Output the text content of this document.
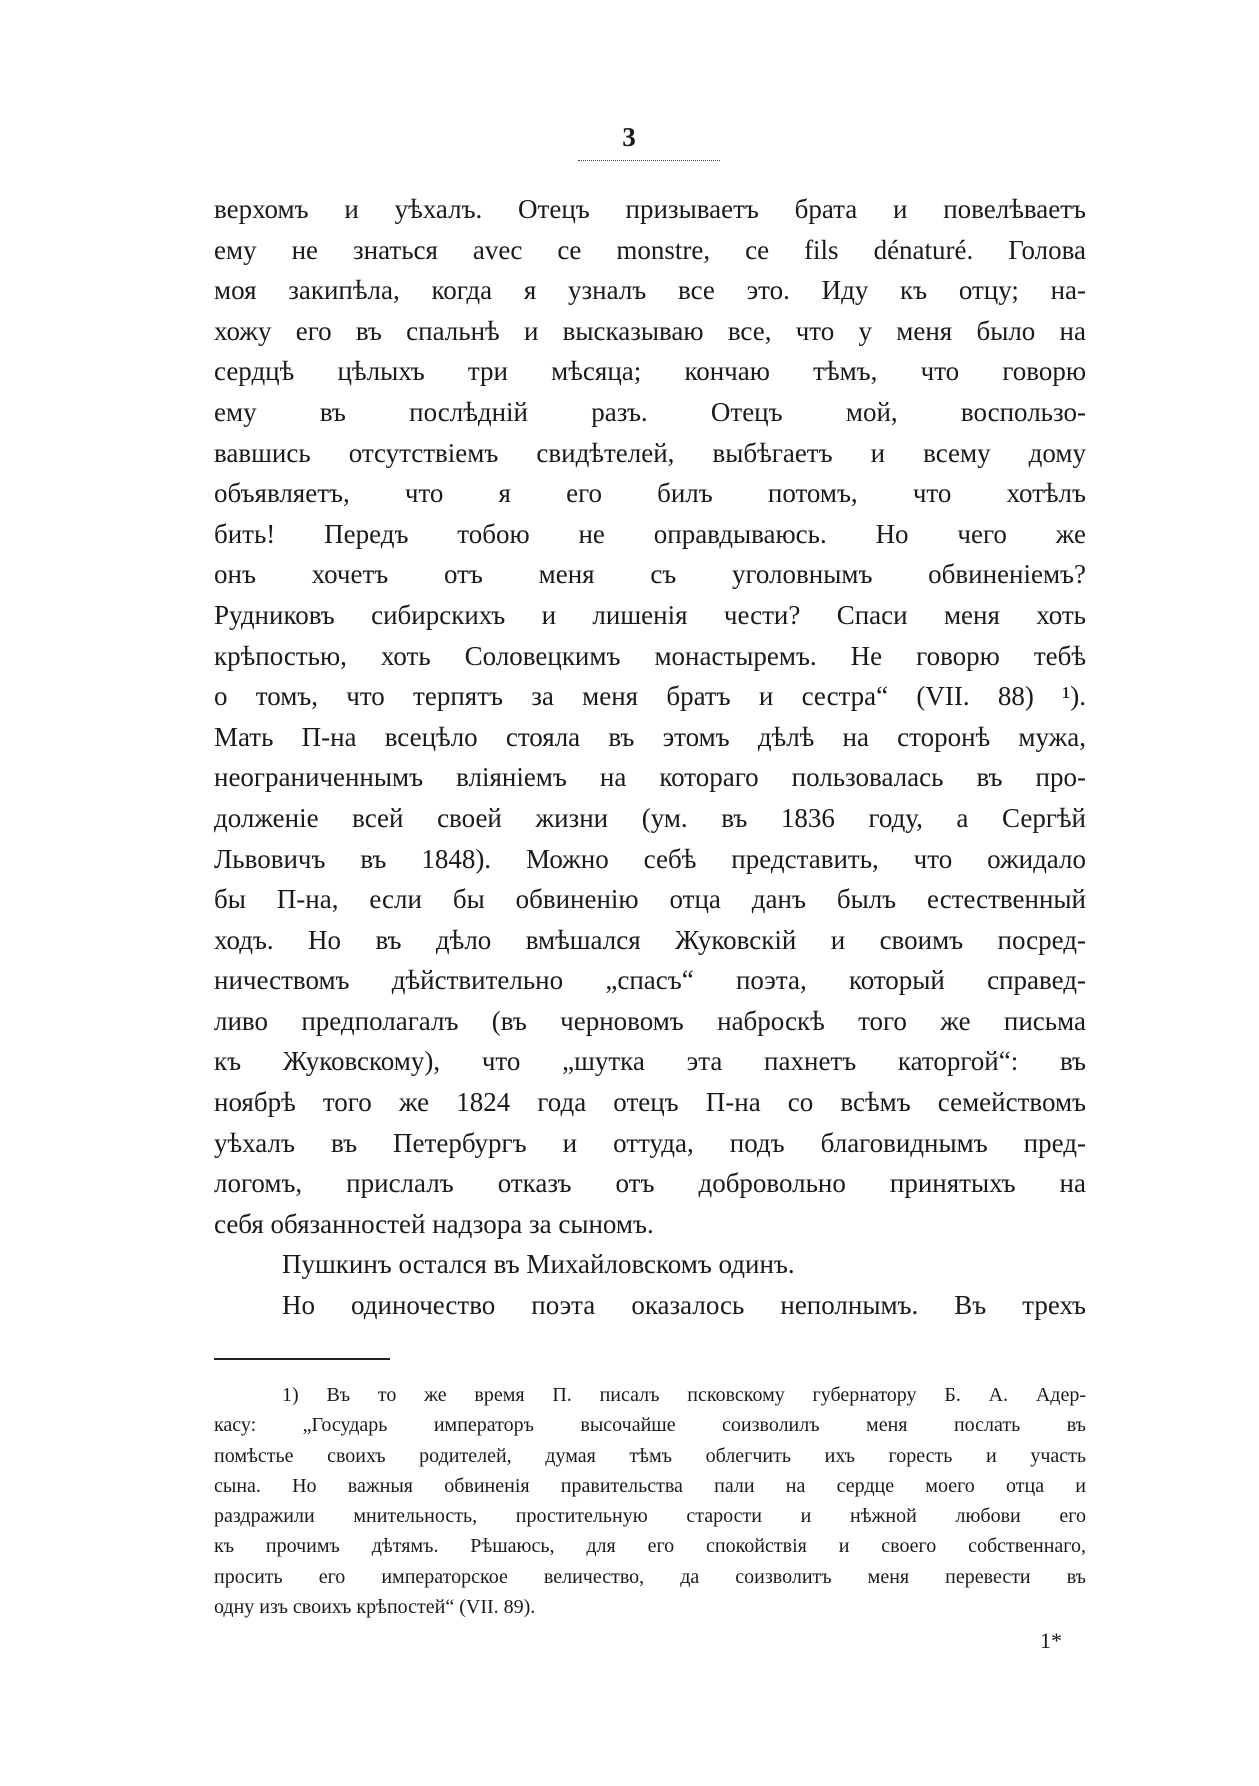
3
верхомъ и уѣхалъ. Отецъ призываетъ брата и повелѣваетъ
ему не знаться avec ce monstre, ce fils dénaturé. Голова
моя закипѣла, когда я узналъ все это. Иду къ отцу; на-
хожу его въ спальнѣ и высказываю все, что у меня было на
сердцѣ цѣлыхъ три мѣсяца; кончаю тѣмъ, что говорю
ему въ послѣдній разъ. Отецъ мой, воспользо-
вавшись отсутствіемъ свидѣтелей, выбѣгаетъ и всему дому
объявляетъ, что я его билъ потомъ, что хотѣлъ
бить! Передъ тобою не оправдываюсь. Но чего же
онъ хочетъ отъ меня съ уголовнымъ обвиненіемъ?
Рудниковъ сибирскихъ и лишенія чести? Спаси меня хоть
крѣпостью, хоть Соловецкимъ монастыремъ. Не говорю тебѣ
о томъ, что терпятъ за меня братъ и сестра“ (VII. 88) ¹).
Мать П-на всецѣло стояла въ этомъ дѣлѣ на сторонѣ мужа,
неограниченнымъ вліяніемъ на котораго пользовалась въ про-
долженіе всей своей жизни (ум. въ 1836 году, а Сергѣй
Львовичъ въ 1848). Можно себѣ представить, что ожидало
бы П-на, если бы обвиненію отца данъ былъ естественный
ходъ. Но въ дѣло вмѣшался Жуковскій и своимъ посред-
ничествомъ дѣйствительно „спасъ“ поэта, который справед-
ливо предполагалъ (въ черновомъ наброскѣ того же письма
къ Жуковскому), что „шутка эта пахнетъ каторгой“: въ
ноябрѣ того же 1824 года отецъ П-на со всѣмъ семействомъ
уѣхалъ въ Петербургъ и оттуда, подъ благовиднымъ пред-
логомъ, прислалъ отказъ отъ добровольно принятыхъ на
себя обязанностей надзора за сыномъ.
Пушкинъ остался въ Михайловскомъ одинъ.
Но одиночество поэта оказалось неполнымъ. Въ трехъ
1) Въ то же время П. писалъ псковскому губернатору Б. А. Адер-
касу: „Государь императоръ высочайше соизволилъ меня послать въ
помѣстье своихъ родителей, думая тѣмъ облегчить ихъ горесть и участь
сына. Но важныя обвиненія правительства пали на сердце моего отца и
раздражили мнительность, простительную старости и нѣжной любови его
къ прочимъ дѣтямъ. Рѣшаюсь, для его спокойствія и своего собственнаго,
просить его императорское величество, да соизволитъ меня перевести въ
одну изъ своихъ крѣпостей“ (VII. 89).
1*
